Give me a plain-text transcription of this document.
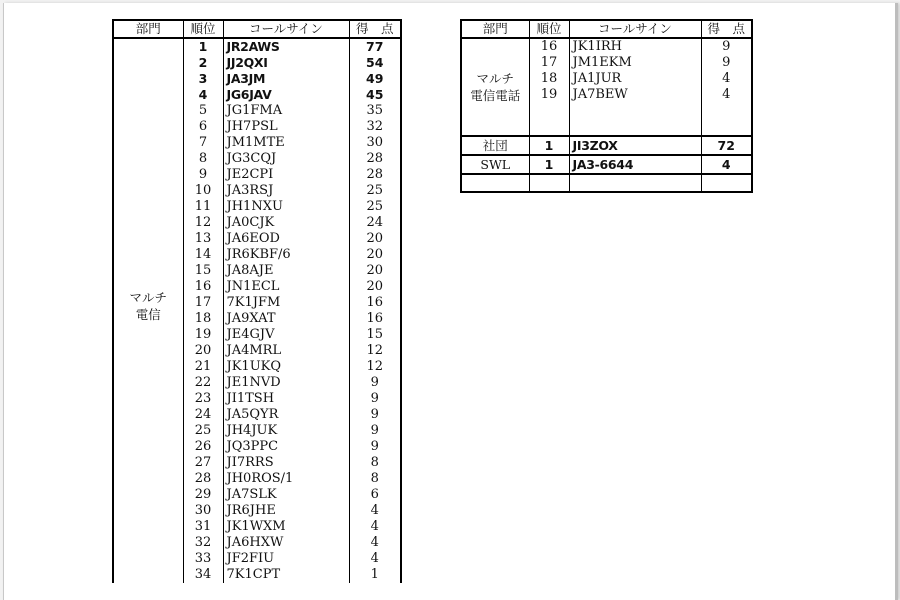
部門	順位	コールサイン	得　点
マルチ
電信	1	JR2AWS	77
	2	JJ2QXI	54
	3	JA3JM	49
	4	JG6JAV	45
	5	JG1FMA	35
	6	JH7PSL	32
	7	JM1MTE	30
	8	JG3CQJ	28
	9	JE2CPI	28
	10	JA3RSJ	25
	11	JH1NXU	25
	12	JA0CJK	24
	13	JA6EOD	20
	14	JR6KBF/6	20
	15	JA8AJE	20
	16	JN1ECL	20
	17	7K1JFM	16
	18	JA9XAT	16
	19	JE4GJV	15
	20	JA4MRL	12
	21	JK1UKQ	12
	22	JE1NVD	9
	23	JI1TSH	9
	24	JA5QYR	9
	25	JH4JUK	9
	26	JQ3PPC	9
	27	JI7RRS	8
	28	JH0ROS/1	8
	29	JA7SLK	6
	30	JR6JHE	4
	31	JK1WXM	4
	32	JA6HXW	4
	33	JF2FIU	4
	34	7K1CPT	1
部門	順位	コールサイン	得　点
マルチ
電信電話	16	JK1IRH	9
	17	JM1EKM	9
	18	JA1JUR	4
	19	JA7BEW	4

社団	1	JI3ZOX	72
SWL	1	JA3-6644	4
